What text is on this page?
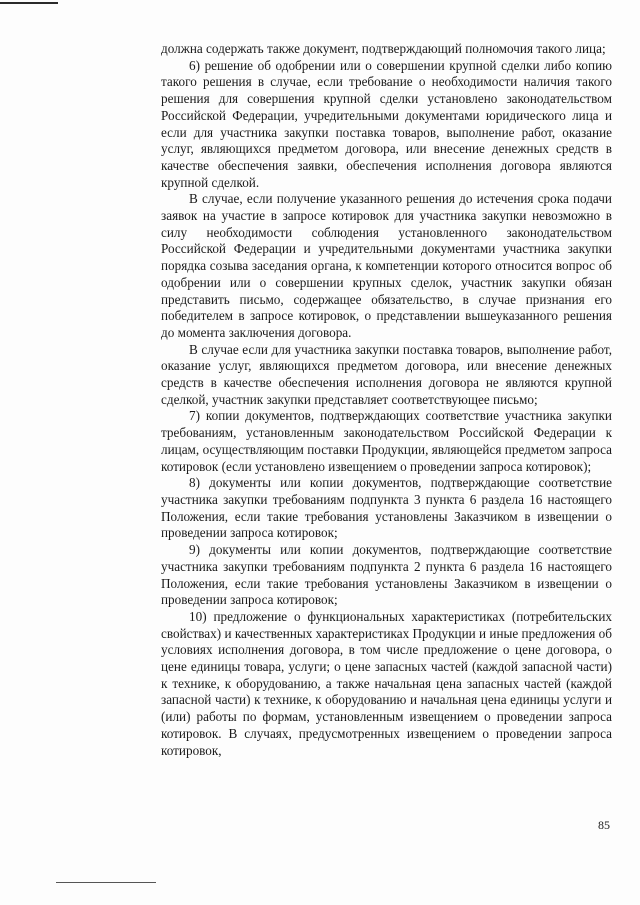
должна содержать также документ, подтверждающий полномочия такого лица;

6) решение об одобрении или о совершении крупной сделки либо копию такого решения в случае, если требование о необходимости наличия такого решения для совершения крупной сделки установлено законодательством Российской Федерации, учредительными документами юридического лица и если для участника закупки поставка товаров, выполнение работ, оказание услуг, являющихся предметом договора, или внесение денежных средств в качестве обеспечения заявки, обеспечения исполнения договора являются крупной сделкой.

В случае, если получение указанного решения до истечения срока подачи заявок на участие в запросе котировок для участника закупки невозможно в силу необходимости соблюдения установленного законодательством Российской Федерации и учредительными документами участника закупки порядка созыва заседания органа, к компетенции которого относится вопрос об одобрении или о совершении крупных сделок, участник закупки обязан представить письмо, содержащее обязательство, в случае признания его победителем в запросе котировок, о представлении вышеуказанного решения до момента заключения договора.

В случае если для участника закупки поставка товаров, выполнение работ, оказание услуг, являющихся предметом договора, или внесение денежных средств в качестве обеспечения исполнения договора не являются крупной сделкой, участник закупки представляет соответствующее письмо;

7) копии документов, подтверждающих соответствие участника закупки требованиям, установленным законодательством Российской Федерации к лицам, осуществляющим поставки Продукции, являющейся предметом запроса котировок (если установлено извещением о проведении запроса котировок);

8) документы или копии документов, подтверждающие соответствие участника закупки требованиям подпункта 3 пункта 6 раздела 16 настоящего Положения, если такие требования установлены Заказчиком в извещении о проведении запроса котировок;

9) документы или копии документов, подтверждающие соответствие участника закупки требованиям подпункта 2 пункта 6 раздела 16 настоящего Положения, если такие требования установлены Заказчиком в извещении о проведении запроса котировок;

10) предложение о функциональных характеристиках (потребительских свойствах) и качественных характеристиках Продукции и иные предложения об условиях исполнения договора, в том числе предложение о цене договора, о цене единицы товара, услуги; о цене запасных частей (каждой запасной части) к технике, к оборудованию, а также начальная цена запасных частей (каждой запасной части) к технике, к оборудованию и начальная цена единицы услуги и (или) работы по формам, установленным извещением о проведении запроса котировок. В случаях, предусмотренных извещением о проведении запроса котировок,

85
